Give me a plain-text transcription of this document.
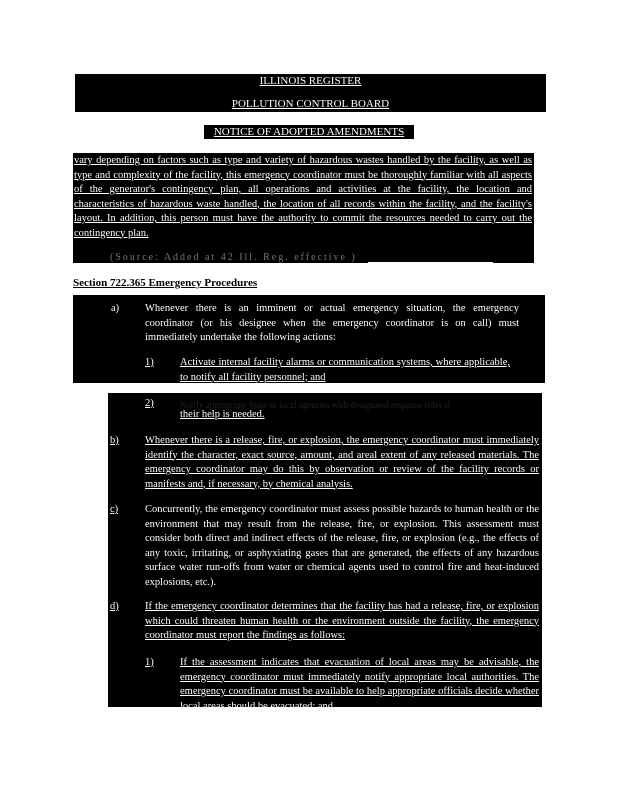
ILLINOIS REGISTER
POLLUTION CONTROL BOARD
NOTICE OF ADOPTED AMENDMENTS
vary depending on factors such as type and variety of hazardous wastes handled by the facility, as well as type and complexity of the facility, this emergency coordinator must be thoroughly familiar with all aspects of the generator's contingency plan, all operations and activities at the facility, the location and characteristics of hazardous waste handled, the location of all records within the facility, and the facility's layout. In addition, this person must have the authority to commit the resources needed to carry out the contingency plan.
(Source: Added at 42 Ill. Reg. effective )
Section 722.365 Emergency Procedures
a) Whenever there is an imminent or actual emergency situation, the emergency coordinator (or his designee when the emergency coordinator is on call) must immediately undertake the following actions:
1)	Activate internal facility alarms or communication systems, where applicable, to notify all facility personnel; and
2)	Notify appropriate State or local agencies with designated response roles if
their help is needed.
b)	Whenever there is a release, fire, or explosion, the emergency coordinator must immediately identify the character, exact source, amount, and areal extent of any released materials. The emergency coordinator may do this by observation or review of the facility records or manifests and, if necessary, by chemical analysis.
c)	Concurrently, the emergency coordinator must assess possible hazards to human health or the environment that may result from the release, fire, or explosion. This assessment must consider both direct and indirect effects of the release, fire, or explosion (e.g., the effects of any toxic, irritating, or asphyxiating gases that are generated, the effects of any hazardous surface water run-offs from water or chemical agents used to control fire and heat-induced explosions, etc.).
d)	If the emergency coordinator determines that the facility has had a release, fire, or explosion which could threaten human health or the environment outside the facility, the emergency coordinator must report the findings as follows:
1)	If the assessment indicates that evacuation of local areas may be advisable, the emergency coordinator must immediately notify appropriate local authorities. The emergency coordinator must be available to help appropriate officials decide whether local areas should be evacuated; and
